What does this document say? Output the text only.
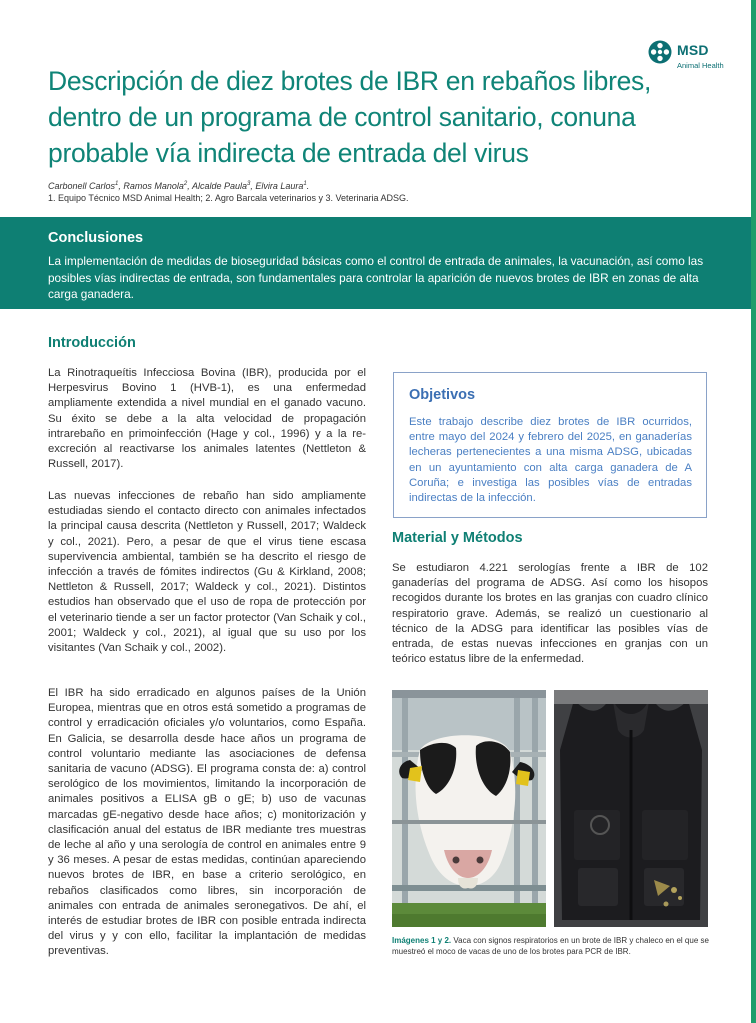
MSD
Animal Health
Descripción de diez brotes de IBR en rebaños libres, dentro de un programa de control sanitario, conuna probable vía indirecta de entrada del virus
Carbonell Carlos$^1$, Ramos Manola$^2$, Alcalde Paula$^3$, Elvira Laura$^1$.
1. Equipo Técnico MSD Animal Health; 2. Agro Barcala veterinarios y 3. Veterinaria ADSG.
Conclusiones

La implementación de medidas de bioseguridad básicas como el control de entrada de animales, la vacunación, así como las posibles vías indirectas de entrada, son fundamentales para controlar la aparición de nuevos brotes de IBR en zonas de alta carga ganadera.

Introducción

La Rinotraqueítis Infecciosa Bovina (IBR), producida por el Herpesvirus Bovino 1 (HVB-1), es una enfermedad ampliamente extendida a nivel mundial en el ganado vacuno. Su éxito se debe a la alta velocidad de propagación intrarebaño en primoinfección (Hage y col., 1996) y a la re-excreción al reactivarse los animales latentes (Nettleton & Russell, 2017).

Las nuevas infecciones de rebaño han sido ampliamente estudiadas siendo el contacto directo con animales infectados la principal causa descrita (Nettleton y Russell, 2017; Waldeck y col., 2021). Pero, a pesar de que el virus tiene escasa supervivencia ambiental, también se ha descrito el riesgo de infección a través de fómites indirectos (Gu & Kirkland, 2008; Nettleton & Russell, 2017; Waldeck y col., 2021). Distintos estudios han observado que el uso de ropa de protección por el veterinario tiende a ser un factor protector (Van Schaik y col., 2001; Waldeck y col., 2021), al igual que su uso por los visitantes (Van Schaik y col., 2002).

El IBR ha sido erradicado en algunos países de la Unión Europea, mientras que en otros está sometido a programas de control y erradicación oficiales y/o voluntarios, como España. En Galicia, se desarrolla desde hace años un programa de control voluntario mediante las asociaciones de defensa sanitaria de vacuno (ADSG). El programa consta de: a) control serológico de los movimientos, limitando la incorporación de animales positivos a ELISA gB o gE; b) uso de vacunas marcadas gE-negativo desde hace años; c) monitorización y clasificación anual del estatus de IBR mediante tres muestras de leche al año y una serología de control en animales entre 9 y 36 meses. A pesar de estas medidas, continúan apareciendo nuevos brotes de IBR, en base a criterio serológico, en rebaños clasificados como libres, sin incorporación de animales con entrada de animales seronegativos. De ahí, el interés de estudiar brotes de IBR con posible entrada indirecta del virus y y con ello, facilitar la implantación de medidas preventivas.

Objetivos

Este trabajo describe diez brotes de IBR ocurridos, entre mayo del 2024 y febrero del 2025, en ganaderías lecheras pertenecientes a una misma ADSG, ubicadas en un ayuntamiento con alta carga ganadera de A Coruña; e investiga las posibles vías de entradas indirectas de la infección.

Material y Métodos

Se estudiaron 4.221 serologías frente a IBR de 102 ganaderías del programa de ADSG. Así como los hisopos recogidos durante los brotes en las granjas con cuadro clínico respiratorio grave. Además, se realizó un cuestionario al técnico de la ADSG para identificar las posibles vías de entrada, de estas nuevas infecciones en granjas con un teórico estatus libre de la enfermedad.

Imágenes 1 y 2. Vaca con signos respiratorios en un brote de IBR y chaleco en el que se muestreó el moco de vacas de uno de los brotes para PCR de IBR.
